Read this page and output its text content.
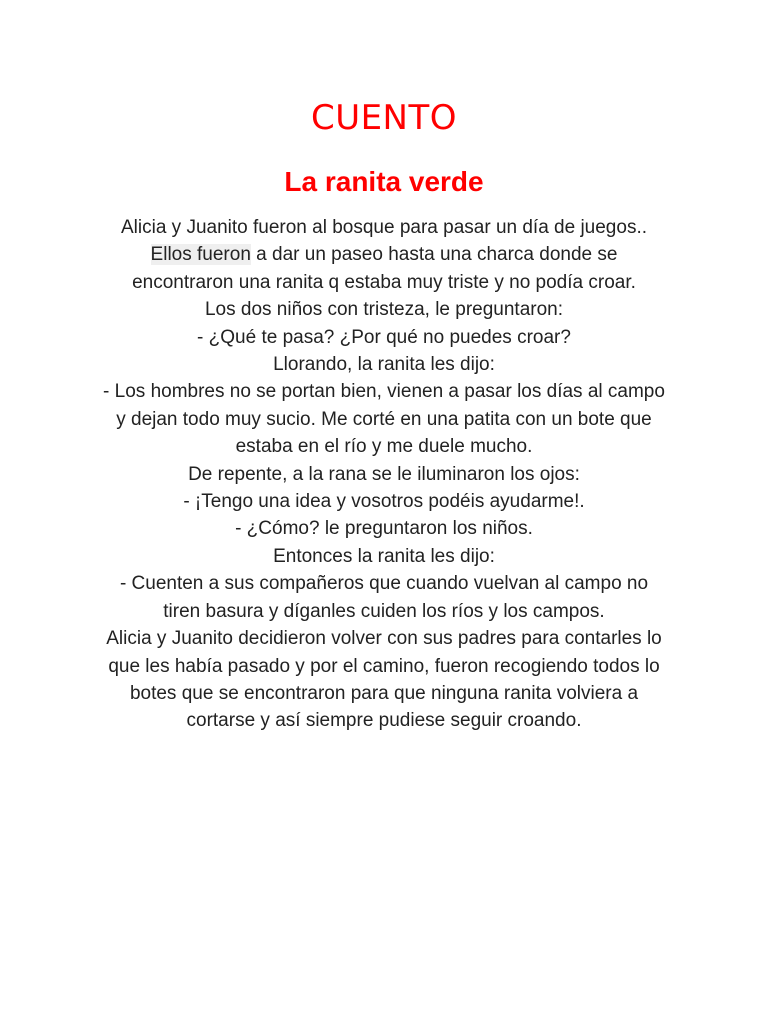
CUENTO
La ranita verde

Alicia y Juanito fueron al bosque para pasar un día de juegos..

Ellos fueron a dar un paseo hasta una charca donde se encontraron una ranita q estaba muy triste y no podía croar.

Los dos niños con tristeza, le preguntaron:

- ¿Qué te pasa? ¿Por qué no puedes croar?

Llorando, la ranita les dijo:

- Los hombres no se portan bien, vienen a pasar los días al campo y dejan todo muy sucio. Me corté en una patita con un bote que estaba en el río y me duele mucho.

De repente, a la rana se le iluminaron los ojos:

- ¡Tengo una idea y vosotros podéis ayudarme!.

- ¿Cómo? le preguntaron los niños.

Entonces la ranita les dijo:

- Cuenten a sus compañeros que cuando vuelvan al campo no tiren basura y díganles cuiden los ríos y los campos.

Alicia y Juanito decidieron volver con sus padres para contarles lo que les había pasado y por el camino, fueron recogiendo todos lo botes que se encontraron para que ninguna ranita volviera a cortarse y así siempre pudiese seguir croando.
